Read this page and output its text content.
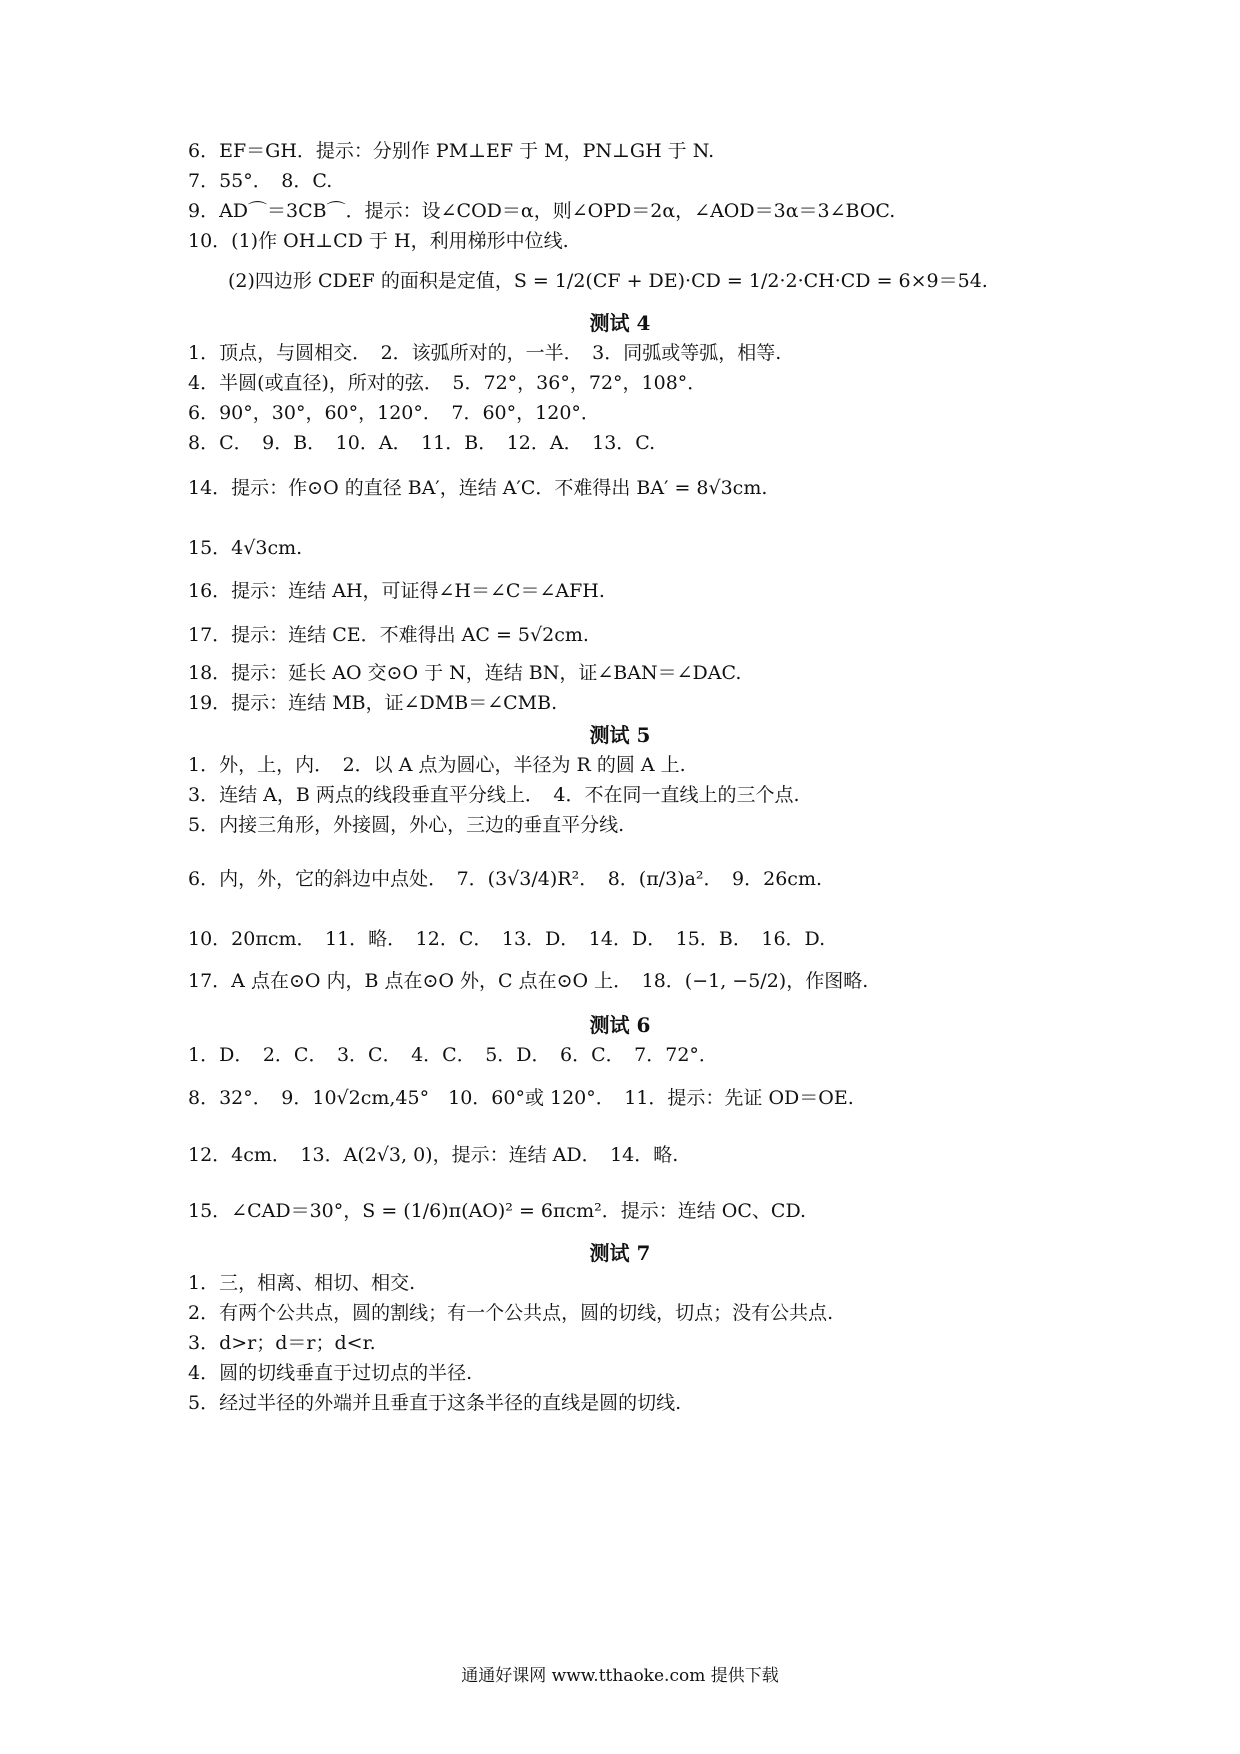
6．EF＝GH．提示：分别作 PM⊥EF 于 M，PN⊥GH 于 N.
7．55°．　8．C.
9．AD⌒＝3CB⌒．提示：设∠COD＝α，则∠OPD＝2α，∠AOD＝3α＝3∠BOC.
10．(1)作 OH⊥CD 于 H，利用梯形中位线.
(2)四边形 CDEF 的面积是定值，S = 1/2(CF + DE)·CD = 1/2·2·CH·CD = 6×9＝54.
测试 4
1．顶点，与圆相交．　2．该弧所对的，一半．　3．同弧或等弧，相等.
4．半圆(或直径)，所对的弦．　5．72°，36°，72°，108°．
6．90°，30°，60°，120°．　7．60°，120°．
8．C．　9．B．　10．A．　11．B．　12．A．　13．C.
14．提示：作⊙O 的直径 BA′，连结 A′C．不难得出 BA′ = 8√3cm.
15．4√3cm.
16．提示：连结 AH，可证得∠H＝∠C＝∠AFH.
17．提示：连结 CE．不难得出 AC = 5√2cm.
18．提示：延长 AO 交⊙O 于 N，连结 BN，证∠BAN＝∠DAC.
19．提示：连结 MB，证∠DMB＝∠CMB.
测试 5
1．外，上，内．　2．以 A 点为圆心，半径为 R 的圆 A 上.
3．连结 A，B 两点的线段垂直平分线上．　4．不在同一直线上的三个点.
5．内接三角形，外接圆，外心，三边的垂直平分线.
6．内，外，它的斜边中点处．　7．(3√3/4)R²．　8．(π/3)a²．　9．26cm.
10．20πcm．　11．略．　12．C．　13．D．　14．D．　15．B．　16．D.
17．A 点在⊙O 内，B 点在⊙O 外，C 点在⊙O 上．　18．(−1, −5/2)，作图略.
测试 6
1．D．　2．C．　3．C．　4．C．　5．D．　6．C．　7．72°．
8．32°．　9．10√2cm,45°　10．60°或 120°．　11．提示：先证 OD＝OE.
12．4cm．　13．A(2√3, 0)，提示：连结 AD．　14．略.
15．∠CAD＝30°，S = (1/6)π(AO)² = 6πcm²．提示：连结 OC、CD.
测试 7
1．三，相离、相切、相交.
2．有两个公共点，圆的割线；有一个公共点，圆的切线，切点；没有公共点.
3．d>r；d＝r；d<r.
4．圆的切线垂直于过切点的半径.
5．经过半径的外端并且垂直于这条半径的直线是圆的切线.
通通好课网 www.tthaoke.com 提供下载
